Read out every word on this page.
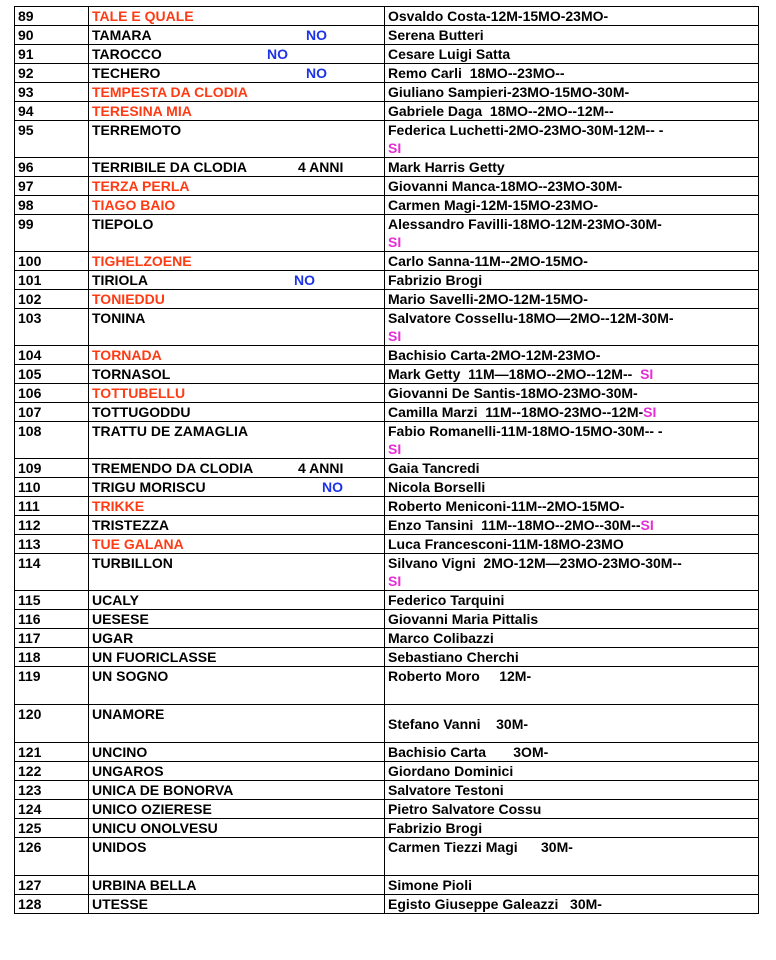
89	TALE E QUALE	Osvaldo Costa-12M-15MO-23MO-
90	TAMARA NO	Serena Butteri
91	TAROCCO NO	Cesare Luigi Satta
92	TECHERO NO	Remo Carli  18MO--23MO--
93	TEMPESTA DA CLODIA	Giuliano Sampieri-23MO-15MO-30M-
94	TERESINA MIA	Gabriele Daga  18MO--2MO--12M--
95	TERREMOTO	Federica Luchetti-2MO-23MO-30M-12M-- -
SI
96	TERRIBILE DA CLODIA 4 ANNI	Mark Harris Getty
97	TERZA PERLA	Giovanni Manca-18MO--23MO-30M-
98	TIAGO BAIO	Carmen Magi-12M-15MO-23MO-
99	TIEPOLO	Alessandro Favilli-18MO-12M-23MO-30M-
SI
100	TIGHELZOENE	Carlo Sanna-11M--2MO-15MO-
101	TIRIOLA NO	Fabrizio Brogi
102	TONIEDDU	Mario Savelli-2MO-12M-15MO-
103	TONINA	Salvatore Cossellu-18MO—2MO--12M-30M-
SI
104	TORNADA	Bachisio Carta-2MO-12M-23MO-
105	TORNASOL	Mark Getty  11M—18MO--2MO--12M--  SI
106	TOTTUBELLU	Giovanni De Santis-18MO-23MO-30M-
107	TOTTUGODDU	Camilla Marzi  11M--18MO-23MO--12M-SI
108	TRATTU DE ZAMAGLIA	Fabio Romanelli-11M-18MO-15MO-30M-- -
SI
109	TREMENDO DA CLODIA 4 ANNI	Gaia Tancredi
110	TRIGU MORISCU NO	Nicola Borselli
111	TRIKKE	Roberto Meniconi-11M--2MO-15MO-
112	TRISTEZZA	Enzo Tansini  11M--18MO--2MO--30M--SI
113	TUE GALANA	Luca Francesconi-11M-18MO-23MO
114	TURBILLON	Silvano Vigni  2MO-12M—23MO-23MO-30M--
SI
115	UCALY	Federico Tarquini
116	UESESE	Giovanni Maria Pittalis
117	UGAR	Marco Colibazzi
118	UN FUORICLASSE	Sebastiano Cherchi
119	UN SOGNO	Roberto Moro     12M-
120	UNAMORE	Stefano Vanni    30M-
121	UNCINO	Bachisio Carta       3OM-
122	UNGAROS	Giordano Dominici
123	UNICA DE BONORVA	Salvatore Testoni
124	UNICO OZIERESE	Pietro Salvatore Cossu
125	UNICU ONOLVESU	Fabrizio Brogi
126	UNIDOS	Carmen Tiezzi Magi      30M-
127	URBINA BELLA	Simone Pioli
128	UTESSE	Egisto Giuseppe Galeazzi   30M-
